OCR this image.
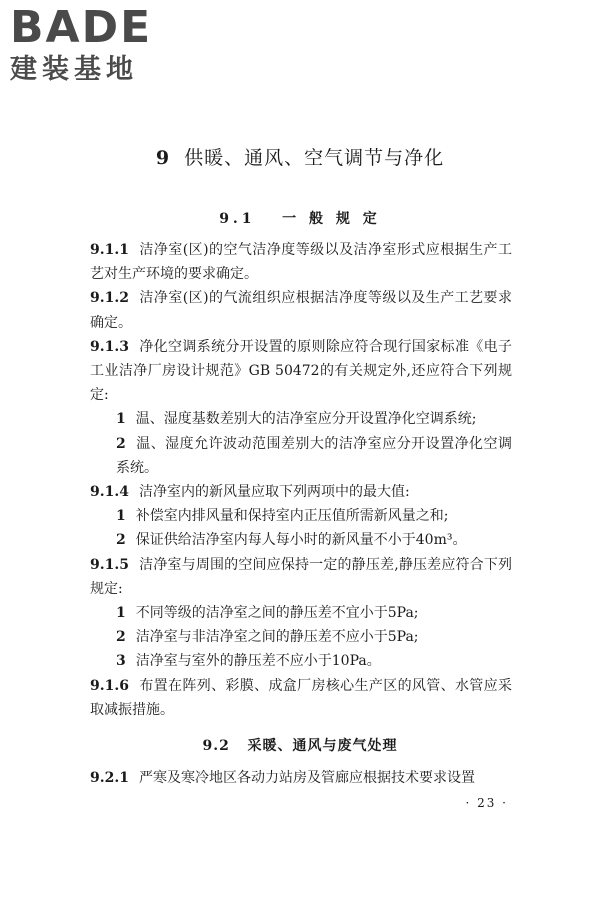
BADE
建装基地
9 供暖、通风、空气调节与净化
9.1 一 般 规 定

9.1.1 洁净室(区)的空气洁净度等级以及洁净室形式应根据生产工艺对生产环境的要求确定。

9.1.2 洁净室(区)的气流组织应根据洁净度等级以及生产工艺要求确定。

9.1.3 净化空调系统分开设置的原则除应符合现行国家标准《电子工业洁净厂房设计规范》GB 50472的有关规定外,还应符合下列规定:

1 温、湿度基数差别大的洁净室应分开设置净化空调系统;

2 温、湿度允许波动范围差别大的洁净室应分开设置净化空调系统。

9.1.4 洁净室内的新风量应取下列两项中的最大值:

1 补偿室内排风量和保持室内正压值所需新风量之和;

2 保证供给洁净室内每人每小时的新风量不小于40m³。

9.1.5 洁净室与周围的空间应保持一定的静压差,静压差应符合下列规定:

1 不同等级的洁净室之间的静压差不宜小于5Pa;

2 洁净室与非洁净室之间的静压差不应小于5Pa;

3 洁净室与室外的静压差不应小于10Pa。

9.1.6 布置在阵列、彩膜、成盒厂房核心生产区的风管、水管应采取减振措施。

9.2 采暖、通风与废气处理

9.2.1 严寒及寒冷地区各动力站房及管廊应根据技术要求设置

· 23 ·
